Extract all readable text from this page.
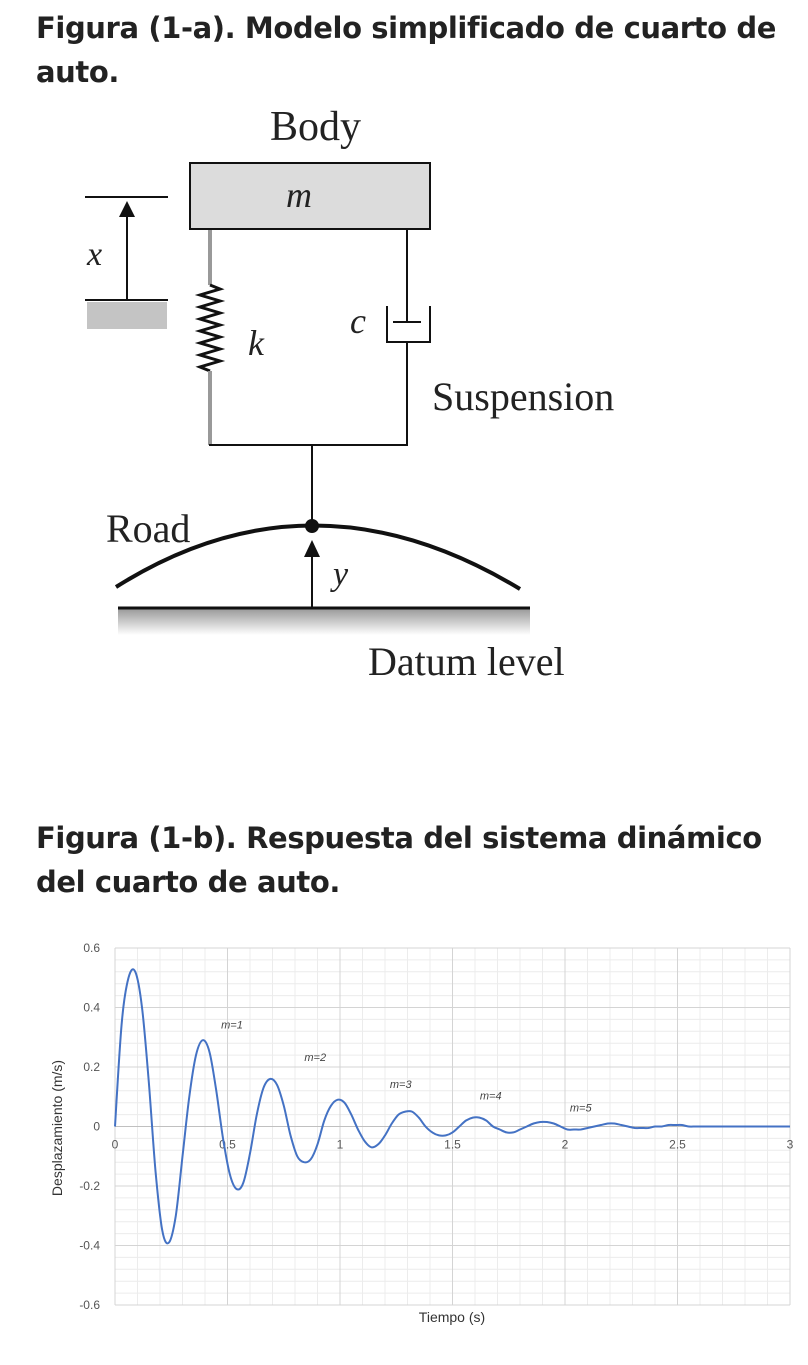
Figura (1-a). Modelo simplificado de cuarto de auto.
Body
m
x
k
c
Suspension
Road
y
Datum level
Figura (1-b). Respuesta del sistema dinámico del cuarto de auto.
0.6
0.4
0.2
0
-0.2
-0.4
-0.6
0	0.5	1	1.5	2	2.5	3
m=1
m=2
m=3
m=4
m=5
Tiempo (s)
Desplazamiento (m/s)
